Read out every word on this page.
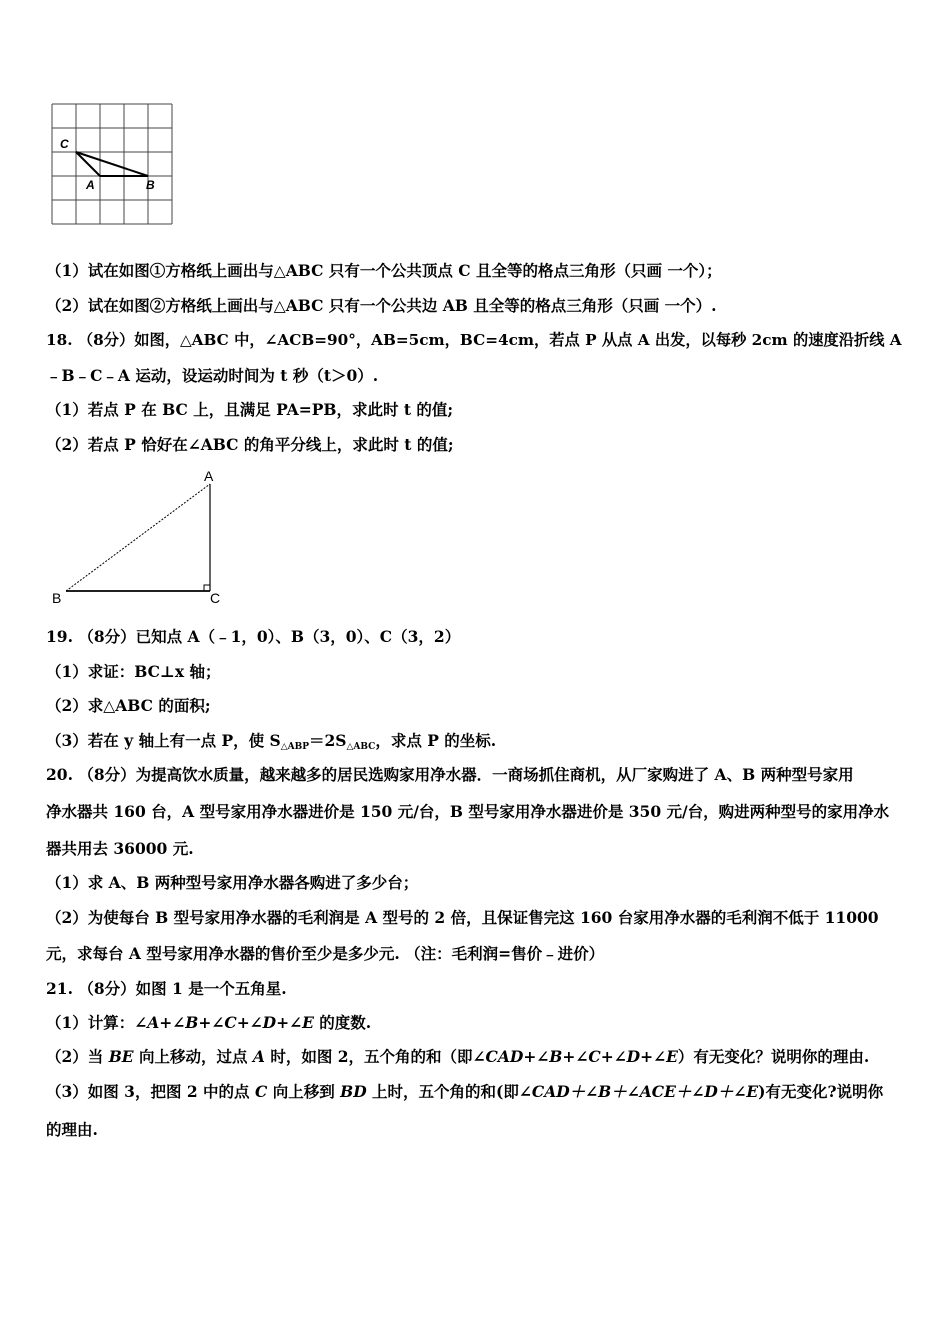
C
A	B
（1）试在如图①方格纸上画出与△ABC 只有一个公共顶点 C 且全等的格点三角形（只画 一个）；
（2）试在如图②方格纸上画出与△ABC 只有一个公共边 AB 且全等的格点三角形（只画 一个）.
18. （8分）如图，△ABC 中，∠ACB=90°，AB=5cm，BC=4cm，若点 P 从点 A 出发，以每秒 2cm 的速度沿折线 A
﹣B﹣C﹣A 运动，设运动时间为 t 秒（t＞0）.
（1）若点 P 在 BC 上，且满足 PA=PB，求此时 t 的值;
（2）若点 P 恰好在∠ABC 的角平分线上，求此时 t 的值;
A
B	C
19. （8分）已知点 A（﹣1，0）、B（3，0）、C（3，2）
（1）求证：BC⊥x 轴；
（2）求△ABC 的面积;
（3）若在 y 轴上有一点 P，使 $S_{\triangle ABP}=2S_{\triangle ABC}$，求点 P 的坐标.
20. （8分）为提高饮水质量，越来越多的居民选购家用净水器．一商场抓住商机，从厂家购进了 A、B 两种型号家用
净水器共 160 台，A 型号家用净水器进价是 150 元/台，B 型号家用净水器进价是 350 元/台，购进两种型号的家用净水
器共用去 36000 元.
（1）求 A、B 两种型号家用净水器各购进了多少台；
（2）为使每台 B 型号家用净水器的毛利润是 A 型号的 2 倍，且保证售完这 160 台家用净水器的毛利润不低于 11000
元，求每台 A 型号家用净水器的售价至少是多少元. （注：毛利润=售价﹣进价）
21. （8分）如图 1 是一个五角星.
（1）计算：∠A+∠B+∠C+∠D+∠E 的度数.
（2）当 BE 向上移动，过点 A 时，如图 2，五个角的和（即∠CAD+∠B+∠C+∠D+∠E）有无变化？说明你的理由.
（3）如图 3，把图 2 中的点 C 向上移到 BD 上时，五个角的和(即∠CAD＋∠B＋∠ACE＋∠D＋∠E)有无变化?说明你
的理由.
